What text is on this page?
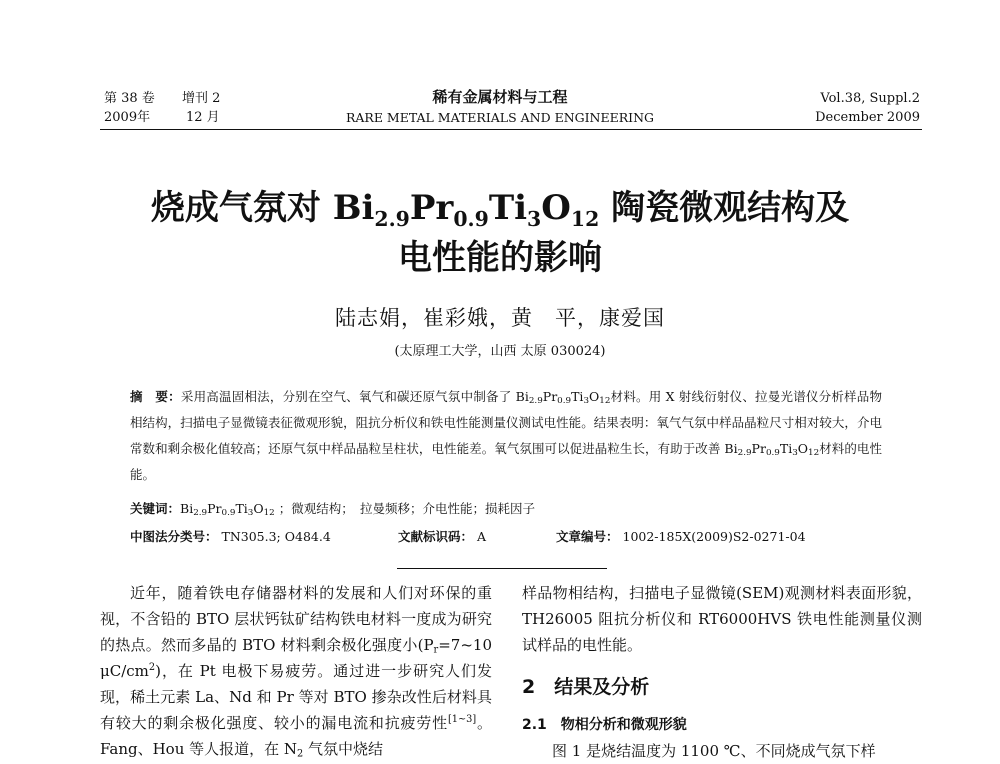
第 38 卷 增刊 2
2009年	12 月
稀有金属材料与工程
RARE METAL MATERIALS AND ENGINEERING
Vol.38, Suppl.2
December 2009
烧成气氛对 $Bi_{2.9}Pr_{0.9}Ti_3O_{12}$ 陶瓷微观结构及
电性能的影响
陆志娟，崔彩娥，黄　平，康爱国
(太原理工大学，山西 太原 030024)
摘　要：采用高温固相法，分别在空气、氧气和碳还原气氛中制备了 $Bi_{2.9}Pr_{0.9}Ti_3O_{12}$材料。用 X 射线衍射仪、拉曼光谱仪分析样品物相结构，扫描电子显微镜表征微观形貌，阻抗分析仪和铁电性能测量仪测试电性能。结果表明：氧气气氛中样品晶粒尺寸相对较大，介电常数和剩余极化值较高；还原气氛中样品晶粒呈柱状，电性能差。氧气氛围可以促进晶粒生长，有助于改善 $Bi_{2.9}Pr_{0.9}Ti_3O_{12}$材料的电性能。
关键词：$Bi_{2.9}Pr_{0.9}Ti_3O_{12}$ ；微观结构；　拉曼频移；介电性能；损耗因子
中图法分类号： TN305.3; O484.4	文献标识码： A	文章编号： 1002-185X(2009)S2-0271-04

近年，随着铁电存储器材料的发展和人们对环保的重视，不含铅的 BTO 层状钙钛矿结构铁电材料一度成为研究的热点。然而多晶的 BTO 材料剩余极化强度小($P_r=7\sim 10$ $\mu C/cm^2$)，在 Pt 电极下易疲劳。通过进一步研究人们发现，稀土元素 La、Nd 和 Pr 等对 BTO 掺杂改性后材料具有较大的剩余极化强度、较小的漏电流和抗疲劳性[1~3]。Fang、Hou 等人报道，在 $N_2$ 气氛中烧结

样品物相结构，扫描电子显微镜(SEM)观测材料表面形貌，TH26005 阻抗分析仪和 RT6000HVS 铁电性能测量仪测试样品的电性能。

2　结果及分析

2.1　物相分析和微观形貌

图 1 是烧结温度为 1100 ℃、不同烧成气氛下样
